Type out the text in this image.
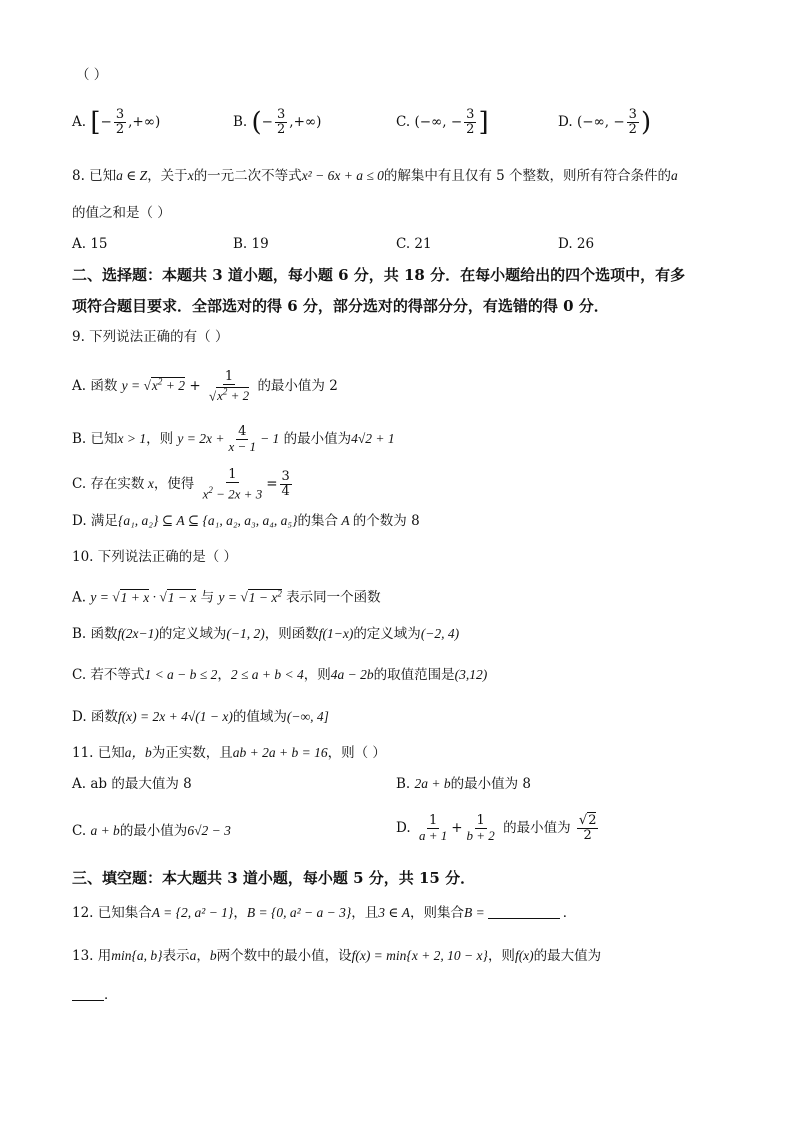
（ ）
A. [− $\frac{3}{2}$ ,+∞)	B. (− $\frac{3}{2}$ ,+∞)	C. (−∞, − $\frac{3}{2}$ ]	D. (−∞, − $\frac{3}{2}$ )
8. 已知a ∈ Z，关于x的一元二次不等式x² − 6x + a ≤ 0的解集中有且仅有 5 个整数，则所有符合条件的a
的值之和是（ ）
A. 15	B. 19	C. 21	D. 26
二、选择题：本题共 3 道小题，每小题 6 分，共 18 分．在每小题给出的四个选项中，有多
项符合题目要求．全部选对的得 6 分，部分选对的得部分分，有选错的得 0 分．
9. 下列说法正确的有（ ）
A. 函数 $y = √x^2 + 2 + \frac{1}{√x^2 + 2}$ 的最小值为 2
B. 已知x > 1，则 $y = 2x + \frac{4}{x - 1} - 1$ 的最小值为4√2 + 1
C. 存在实数 x，使得 $\frac{1}{x^2 - 2x + 3} = \frac{3}{4}$
D. 满足{a₁, a₂} ⊆ A ⊆ {a₁, a₂, a₃, a₄, a₅}的集合 A 的个数为 8
10. 下列说法正确的是（ ）
A. y = √1 + x · √1 − x 与 $y = √1 - x^2$ 表示同一个函数
B. 函数f(2x−1)的定义域为(−1, 2)，则函数f(1−x)的定义域为(−2, 4)
C. 若不等式1 < a − b ≤ 2，2 ≤ a + b < 4，则4a − 2b的取值范围是(3,12)
D. 函数f(x) = 2x + 4√(1 − x)的值域为(−∞, 4]
11. 已知a，b为正实数，且ab + 2a + b = 16，则（ ）
A. ab 的最大值为 8	B. 2a + b的最小值为 8
C. a + b的最小值为6√2 − 3	D. $\frac{1}{a + 1} + \frac{1}{b + 2}$ 的最小值为 $\frac{√2}{2}$
三、填空题：本大题共 3 道小题，每小题 5 分，共 15 分．
12. 已知集合A = {2, a² − 1}，B = {0, a² − a − 3}，且3 ∈ A，则集合B =	．
13. 用min{a, b}表示a，b两个数中的最小值，设f(x) = min{x + 2, 10 − x}，则f(x)的最大值为
．
